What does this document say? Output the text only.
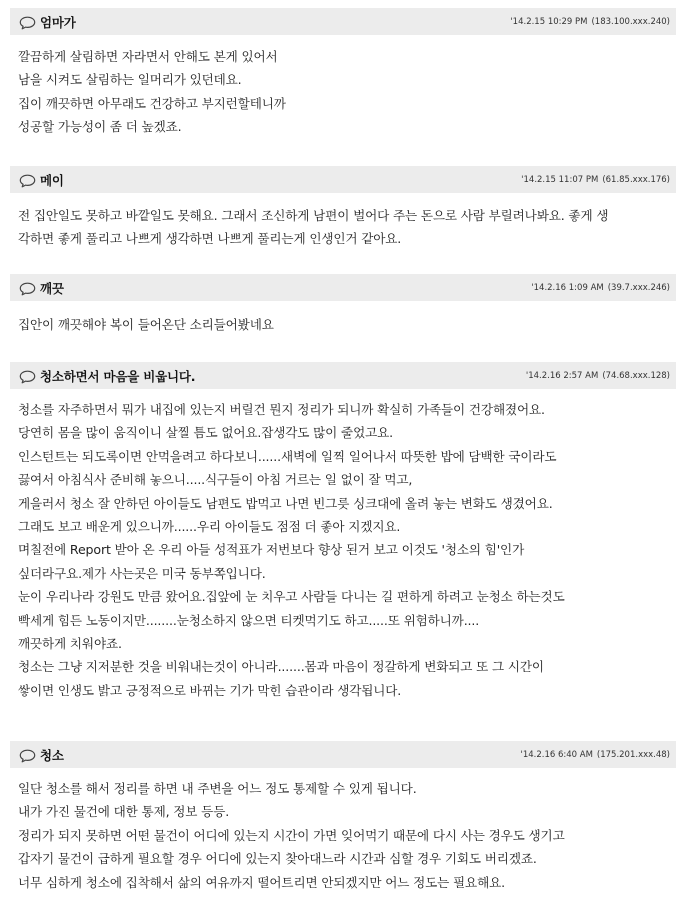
엄마가	'14.2.15 10:29 PM (183.100.xxx.240)
깔끔하게 살림하면 자라면서 안해도 본게 있어서
남을 시켜도 살림하는 일머리가 있던데요.
집이 깨끗하면 아무래도 건강하고 부지런할테니까
성공할 가능성이 좀 더 높겠죠.
메이	'14.2.15 11:07 PM (61.85.xxx.176)
전 집안일도 못하고 바깥일도 못해요. 그래서 조신하게 남편이 벌어다 주는 돈으로 사람 부릴려나봐요. 좋게 생
각하면 좋게 풀리고 나쁘게 생각하면 나쁘게 풀리는게 인생인거 같아요.
깨끗	'14.2.16 1:09 AM (39.7.xxx.246)
집안이 깨끗해야 복이 들어온단 소리들어봤네요
청소하면서 마음을 비웁니다.	'14.2.16 2:57 AM (74.68.xxx.128)
청소를 자주하면서 뭐가 내집에 있는지 버릴건 뭔지 정리가 되니까 확실히 가족들이 건강해졌어요.
당연히 몸을 많이 움직이니 살찔 틈도 없어요.잡생각도 많이 줄었고요.
인스턴트는 되도록이면 안먹을려고 하다보니......새벽에 일찍 일어나서 따뜻한 밥에 담백한 국이라도
끓여서 아침식사 준비해 놓으니.....식구들이 아침 거르는 일 없이 잘 먹고,
게을러서 청소 잘 안하던 아이들도 남편도 밥먹고 나면 빈그릇 싱크대에 올려 놓는 변화도 생겼어요.
그래도 보고 배운게 있으니까......우리 아이들도 점점 더 좋아 지겠지요.
며칠전에 Report 받아 온 우리 아들 성적표가 저번보다 향상 된거 보고 이것도 '청소의 힘'인가
싶더라구요.제가 사는곳은 미국 동부쪽입니다.
눈이 우리나라 강원도 만큼 왔어요.집앞에 눈 치우고 사람들 다니는 길 편하게 하려고 눈청소 하는것도
빡세게 힘든 노동이지만........눈청소하지 않으면 티켓먹기도 하고.....또 위험하니까....
깨끗하게 치워야죠.
청소는 그냥 지저분한 것을 비워내는것이 아니라.......몸과 마음이 정갈하게 변화되고 또 그 시간이
쌓이면 인생도 밝고 긍정적으로 바뀌는 기가 막힌 습관이라 생각됩니다.
청소	'14.2.16 6:40 AM (175.201.xxx.48)
일단 청소를 해서 정리를 하면 내 주변을 어느 정도 통제할 수 있게 됩니다.
내가 가진 물건에 대한 통제, 정보 등등.
정리가 되지 못하면 어떤 물건이 어디에 있는지 시간이 가면 잊어먹기 때문에 다시 사는 경우도 생기고
갑자기 물건이 급하게 필요할 경우 어디에 있는지 찾아대느라 시간과 심할 경우 기회도 버리겠죠.
너무 심하게 청소에 집착해서 삶의 여유까지 떨어트리면 안되겠지만 어느 정도는 필요해요.
